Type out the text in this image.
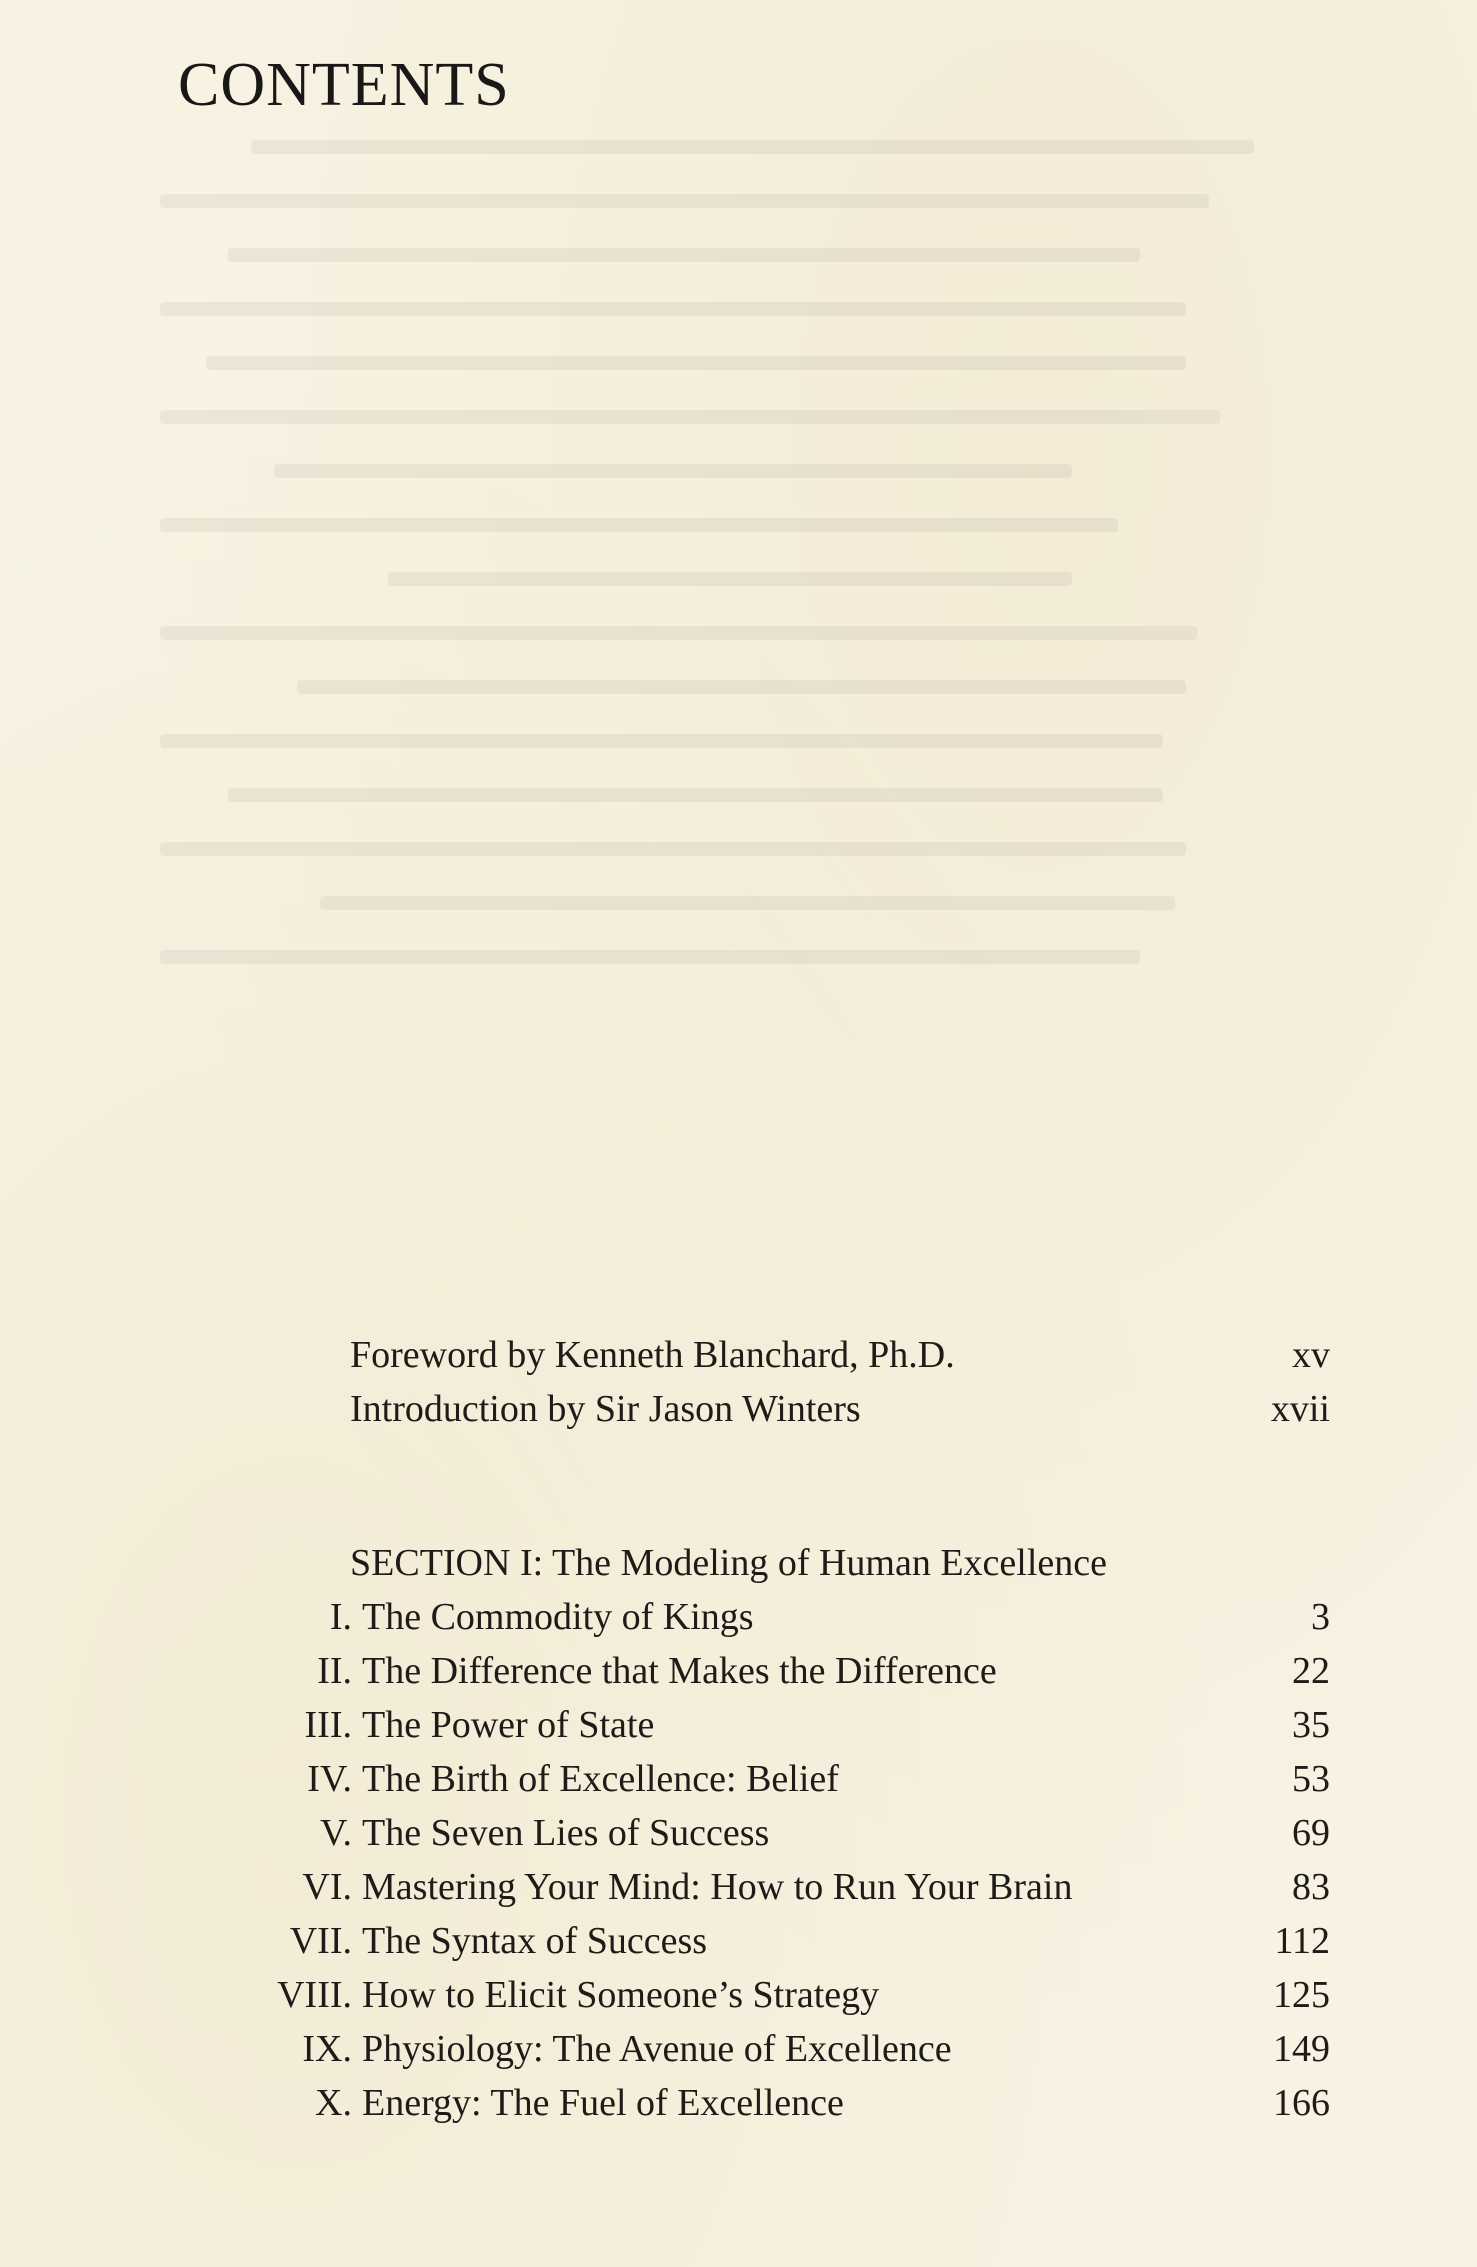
CONTENTS
Foreword by Kenneth Blanchard, Ph.D.	xv
Introduction by Sir Jason Winters	xvii
SECTION I: The Modeling of Human Excellence
I. The Commodity of Kings	3
II. The Difference that Makes the Difference	22
III. The Power of State	35
IV. The Birth of Excellence: Belief	53
V. The Seven Lies of Success	69
VI. Mastering Your Mind: How to Run Your Brain	83
VII. The Syntax of Success	112
VIII. How to Elicit Someone’s Strategy	125
IX. Physiology: The Avenue of Excellence	149
X. Energy: The Fuel of Excellence	166
